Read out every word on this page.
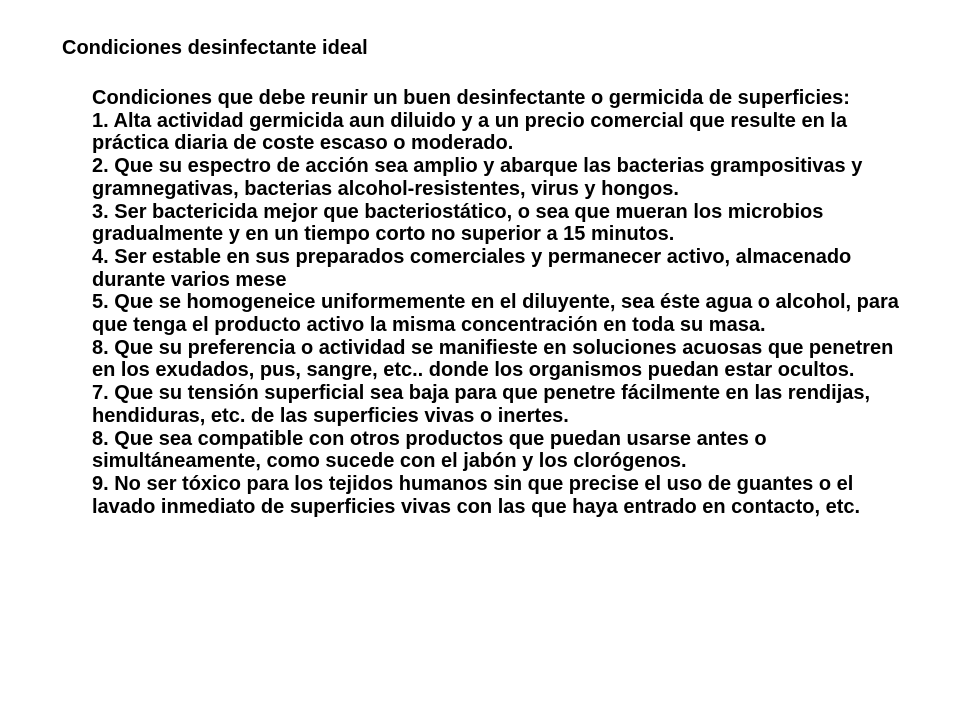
Condiciones desinfectante ideal
Condiciones que debe reunir un buen desinfectante o germicida de superficies:
1. Alta actividad germicida aun diluido y a un precio comercial que resulte en la práctica diaria de coste escaso o moderado.
2. Que su espectro de acción sea amplio y abarque las bacterias grampositivas y gramnegativas, bacterias alcohol-resistentes, virus y hongos.
3. Ser bactericida mejor que bacteriostático, o sea que mueran los microbios gradualmente y en un tiempo corto no superior a 15 minutos.
4. Ser estable en sus preparados comerciales y permanecer activo, almacenado durante varios mese
5. Que se homogeneice uniformemente en el diluyente, sea éste agua o alcohol, para que tenga el producto activo la misma concentración en toda su masa.
8. Que su preferencia o actividad se manifieste en soluciones acuosas que penetren en los exudados, pus, sangre, etc.. donde los organismos puedan estar ocultos.
7. Que su tensión superficial sea baja para que penetre fácilmente en las rendijas, hendiduras, etc. de las superficies vivas o inertes.
8. Que sea compatible con otros productos que puedan usarse antes o simultáneamente, como sucede con el jabón y los clorógenos.
9. No ser tóxico para los tejidos humanos sin que precise el uso de guantes o el lavado inmediato de superficies vivas con las que haya entrado en contacto, etc.
